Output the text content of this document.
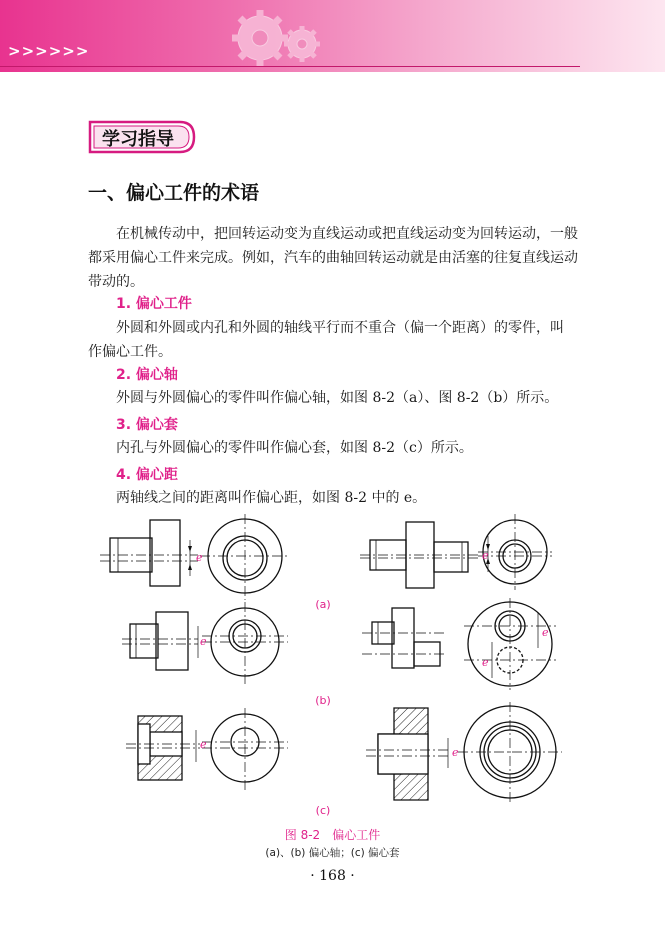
>>>>>>
学习指导
一、偏心工件的术语
在机械传动中，把回转运动变为直线运动或把直线运动变为回转运动，一般
都采用偏心工件来完成。例如，汽车的曲轴回转运动就是由活塞的往复直线运动
带动的。
1. 偏心工件
外圆和外圆或内孔和外圆的轴线平行而不重合（偏一个距离）的零件，叫
作偏心工件。
2. 偏心轴
外圆与外圆偏心的零件叫作偏心轴，如图 8-2（a）、图 8-2（b）所示。
3. 偏心套
内孔与外圆偏心的零件叫作偏心套，如图 8-2（c）所示。
4. 偏心距
两轴线之间的距离叫作偏心距，如图 8-2 中的 e。
e	e
e
e
e
e
e
(a)
(b)
(c)
图 8-2　偏心工件
(a)、(b) 偏心轴；(c) 偏心套
· 168 ·
